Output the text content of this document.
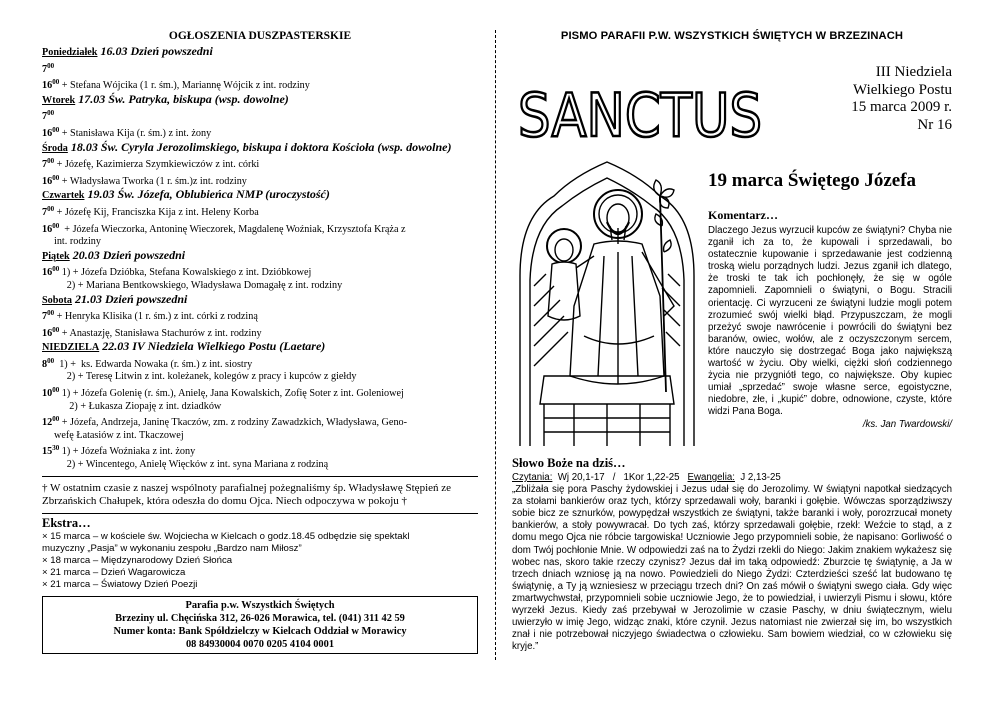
OGŁOSZENIA DUSZPASTERSKIE
Poniedziałek 16.03 Dzień powszedni
$7^{00}$
$16^{00}$ + Stefana Wójcika (1 r. śm.), Mariannę Wójcik z int. rodziny
Wtorek 17.03 Św. Patryka, biskupa (wsp. dowolne)
$7^{00}$
$16^{00}$ + Stanisława Kija (r. śm.) z int. żony
Środa 18.03 Św. Cyryla Jerozolimskiego, biskupa i doktora Kościoła (wsp. dowolne)
$7^{00}$ + Józefę, Kazimierza Szymkiewiczów z int. córki
$16^{00}$ + Władysława Tworka (1 r. śm.)z int. rodziny
Czwartek 19.03 Św. Józefa, Oblubieńca NMP (uroczystość)
$7^{00}$ + Józefę Kij, Franciszka Kija z int. Heleny Korba
$16^{00}$  + Józefa Wieczorka, Antoninę Wieczorek, Magdalenę Woźniak, Krzysztofa Krąża z
int. rodziny
Piątek 20.03 Dzień powszedni
$16^{00}$ 1) + Józefa Dzióbka, Stefana Kowalskiego z int. Dzióbkowej
2) + Mariana Bentkowskiego, Władysława Domagałę z int. rodziny
Sobota 21.03 Dzień powszedni
$7^{00}$ + Henryka Klisika (1 r. śm.) z int. córki z rodziną
$16^{00}$ + Anastazję, Stanisława Stachurów z int. rodziny
NIEDZIELA 22.03 IV Niedziela Wielkiego Postu (Laetare)
$8^{00}$  1) +  ks. Edwarda Nowaka (r. śm.) z int. siostry
2) + Teresę Litwin z int. koleżanek, kolegów z pracy i kupców z giełdy
$10^{00}$ 1) + Józefa Golenię (r. śm.), Anielę, Jana Kowalskich, Zofię Soter z int. Goleniowej
2) + Łukasza Ziopaję z int. dziadków
$12^{00}$ + Józefa, Andrzeja, Janinę Tkaczów, zm. z rodziny Zawadzkich, Władysława, Geno-
wefę Łatasiów z int. Tkaczowej
$15^{30}$ 1) + Józefa Woźniaka z int. żony
2) + Wincentego, Anielę Więcków z int. syna Mariana z rodziną
† W ostatnim czasie z naszej wspólnoty parafialnej pożegnaliśmy śp. Władysławę Stępień ze Zbrzańskich Chałupek, która odeszła do domu Ojca. Niech odpoczywa w pokoju †
Ekstra…
× 15 marca – w kościele św. Wojciecha w Kielcach o godz.18.45 odbędzie się spektakl
muzyczny „Pasja” w wykonaniu zespołu „Bardzo nam Miłosz”
× 18 marca – Międzynarodowy Dzień Słońca
× 21 marca – Dzień Wagarowicza
× 21 marca – Światowy Dzień Poezji
Parafia p.w. Wszystkich Świętych
Brzeziny ul. Chęcińska 312, 26-026 Morawica, tel. (041) 311 42 59
Numer konta: Bank Spółdzielczy w Kielcach Oddział w Morawicy
08 84930004 0070 0205 4104 0001
PISMO PARAFII P.W. WSZYSTKICH ŚWIĘTYCH W BRZEZINACH
SANCTUS
III Niedziela
Wielkiego Postu
15 marca 2009 r.
Nr 16
19 marca Świętego Józefa
Komentarz…
Dlaczego Jezus wyrzucił kupców ze świątyni? Chyba nie zganił ich za to, że kupowali i sprzedawali, bo ostatecznie kupowanie i sprzedawanie jest codzienną troską wielu porządnych ludzi. Jezus zganił ich dlatego, że troski te tak ich pochłonęły, że się w ogóle zapomnieli. Zapomnieli o świątyni, o Bogu. Stracili orientację. Ci wyrzuceni ze świątyni ludzie mogli potem zrozumieć swój wielki błąd. Przypuszczam, że mogli przeżyć swoje nawrócenie i powrócili do świątyni bez baranów, owiec, wołów, ale z oczyszczonym sercem, które nauczyło się dostrzegać Boga jako największą wartość w życiu. Oby wielki, ciężki słoń codziennego życia nie przygniótł tego, co największe. Oby kupiec umiał „sprzedać” swoje własne serce, egoistyczne, niedobre, złe, i „kupić” dobre, odnowione, czyste, które widzi Pana Boga.
/ks. Jan Twardowski/
Słowo Boże na dziś…
Czytania:  Wj 20,1-17   /   1Kor 1,22-25   Ewangelia:  J 2,13-25
„Zbliżała się pora Paschy żydowskiej i Jezus udał się do Jerozolimy. W świątyni napotkał siedzących za stołami bankierów oraz tych, którzy sprzedawali woły, baranki i gołębie. Wówczas sporządziwszy sobie bicz ze sznurków, powypędzał wszystkich ze świątyni, także baranki i woły, porozrzucał monety bankierów, a stoły powywracał. Do tych zaś, którzy sprzedawali gołębie, rzekł: Weźcie to stąd, a z domu mego Ojca nie róbcie targowiska! Uczniowie Jego przypomnieli sobie, że napisano: Gorliwość o dom Twój pochłonie Mnie. W odpowiedzi zaś na to Żydzi rzekli do Niego: Jakim znakiem wykażesz się wobec nas, skoro takie rzeczy czynisz? Jezus dał im taką odpowiedź: Zburzcie tę świątynię, a Ja w trzech dniach wzniosę ją na nowo. Powiedzieli do Niego Żydzi: Czterdzieści sześć lat budowano tę świątynię, a Ty ją wzniesiesz w przeciągu trzech dni? On zaś mówił o świątyni swego ciała. Gdy więc zmartwychwstał, przypomnieli sobie uczniowie Jego, że to powiedział, i uwierzyli Pismu i słowu, które wyrzekł Jezus. Kiedy zaś przebywał w Jerozolimie w czasie Paschy, w dniu świątecznym, wielu uwierzyło w imię Jego, widząc znaki, które czynił. Jezus natomiast nie zwierzał się im, bo wszystkich znał i nie potrzebował niczyjego świadectwa o człowieku. Sam bowiem wiedział, co w człowieku się kryje.”
